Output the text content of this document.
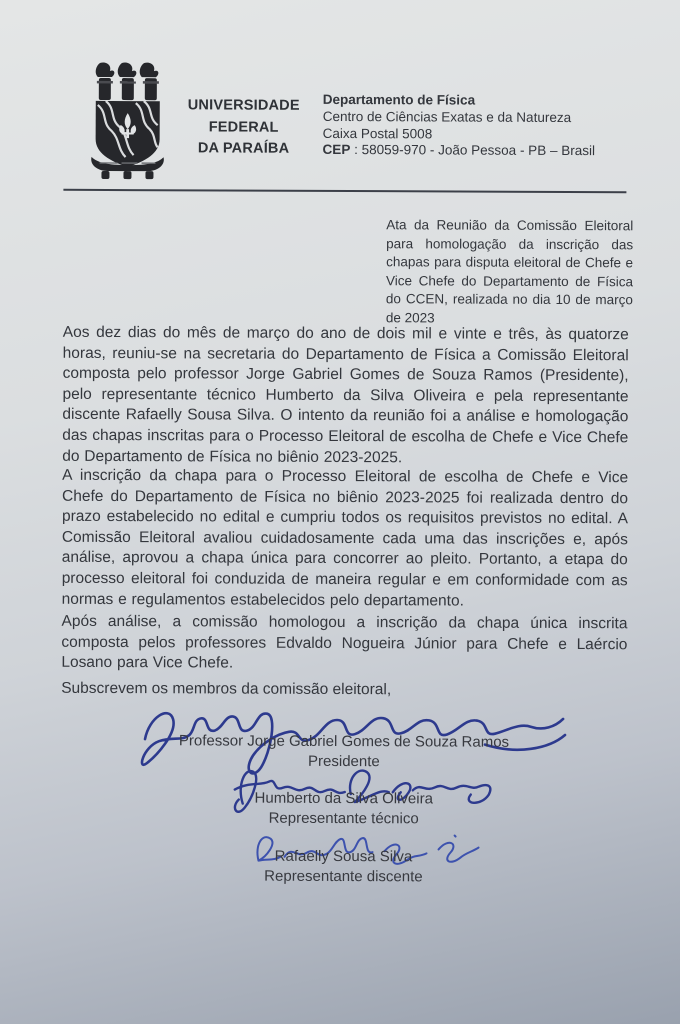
UNIVERSIDADE
FEDERAL
DA PARAÍBA
Departamento de Física
Centro de Ciências Exatas e da Natureza
Caixa Postal 5008
CEP : 58059-970 - João Pessoa - PB – Brasil
Ata da Reunião da Comissão Eleitoral para homologação da inscrição das chapas para disputa eleitoral de Chefe e Vice Chefe do Departamento de Física do CCEN, realizada no dia 10 de março de 2023
Aos dez dias do mês de março do ano de dois mil e vinte e três, às quatorze horas, reuniu-se na secretaria do Departamento de Física a Comissão Eleitoral composta pelo professor Jorge Gabriel Gomes de Souza Ramos (Presidente), pelo representante técnico Humberto da Silva Oliveira e pela representante discente Rafaelly Sousa Silva. O intento da reunião foi a análise e homologação das chapas inscritas para o Processo Eleitoral de escolha de Chefe e Vice Chefe do Departamento de Física no biênio 2023-2025.
A inscrição da chapa para o Processo Eleitoral de escolha de Chefe e Vice Chefe do Departamento de Física no biênio 2023-2025 foi realizada dentro do prazo estabelecido no edital e cumpriu todos os requisitos previstos no edital. A Comissão Eleitoral avaliou cuidadosamente cada uma das inscrições e, após análise, aprovou a chapa única para concorrer ao pleito. Portanto, a etapa do processo eleitoral foi conduzida de maneira regular e em conformidade com as normas e regulamentos estabelecidos pelo departamento.
Após análise, a comissão homologou a inscrição da chapa única inscrita composta pelos professores Edvaldo Nogueira Júnior para Chefe e Laércio Losano para Vice Chefe.
Subscrevem os membros da comissão eleitoral,
Professor Jorge Gabriel Gomes de Souza Ramos
Presidente
Humberto da Silva Oliveira
Representante técnico
Rafaelly Sousa Silva
Representante discente
